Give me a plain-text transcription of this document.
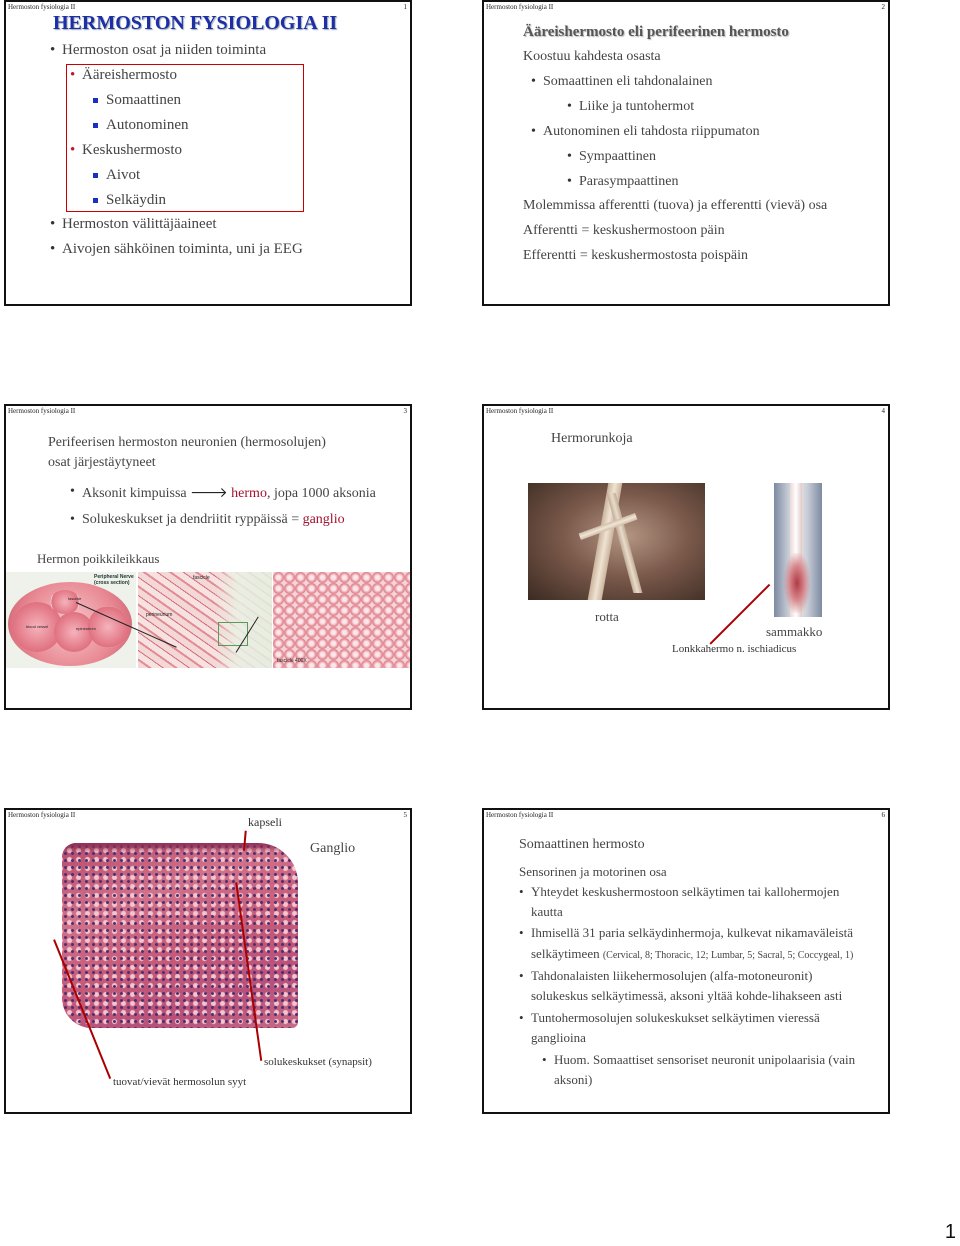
Hermoston fysiologia II	1
HERMOSTON FYSIOLOGIA II
• Hermoston osat ja niiden toiminta
• Ääreishermosto
Somaattinen
Autonominen
• Keskushermosto
Aivot
Selkäydin
• Hermoston välittäjäaineet
• Aivojen sähköinen toiminta, uni ja EEG
Hermoston fysiologia II	2
Ääreishermosto eli perifeerinen hermosto
Koostuu kahdesta osasta
• Somaattinen eli tahdonalainen
• Liike ja tuntohermot
• Autonominen eli tahdosta riippumaton
• Sympaattinen
• Parasympaattinen
Molemmissa afferentti (tuova) ja efferentti (vievä) osa
Afferentti = keskushermostoon päin
Efferentti = keskushermostosta poispäin
Hermoston fysiologia II	3
Perifeerisen hermoston neuronien (hermosolujen)
osat järjestäytyneet
• Aksonit kimpuissa 🡒 hermo, jopa 1000 aksonia
• Solukeskukset ja dendriitit ryppäissä = ganglio
Hermon poikkileikkaus
Peripheral Nerve (cross section)
fascicle
epineurium
blood vessel
fascicle
perineurium
fascicle 400X
Hermoston fysiologia II	4
Hermorunkoja
rotta
sammakko
Lonkkahermo n. ischiadicus
Hermoston fysiologia II	5
kapseli
Ganglio
solukeskukset (synapsit)
tuovat/vievät hermosolun syyt
Hermoston fysiologia II	6
Somaattinen hermosto
Sensorinen ja motorinen osa
• Yhteydet keskushermostoon selkäytimen tai kallohermojen
kautta
• Ihmisellä 31 paria selkäydinhermoja, kulkevat nikamaväleistä
selkäytimeen (Cervical, 8; Thoracic, 12; Lumbar, 5; Sacral, 5; Coccygeal, 1)
• Tahdonalaisten liikehermosolujen (alfa-motoneuronit)
solukeskus selkäytimessä, aksoni yltää kohde-lihakseen asti
• Tuntohermosolujen solukeskukset selkäytimen vieressä
ganglioina
• Huom. Somaattiset sensoriset neuronit unipolaarisia (vain
aksoni)
1
